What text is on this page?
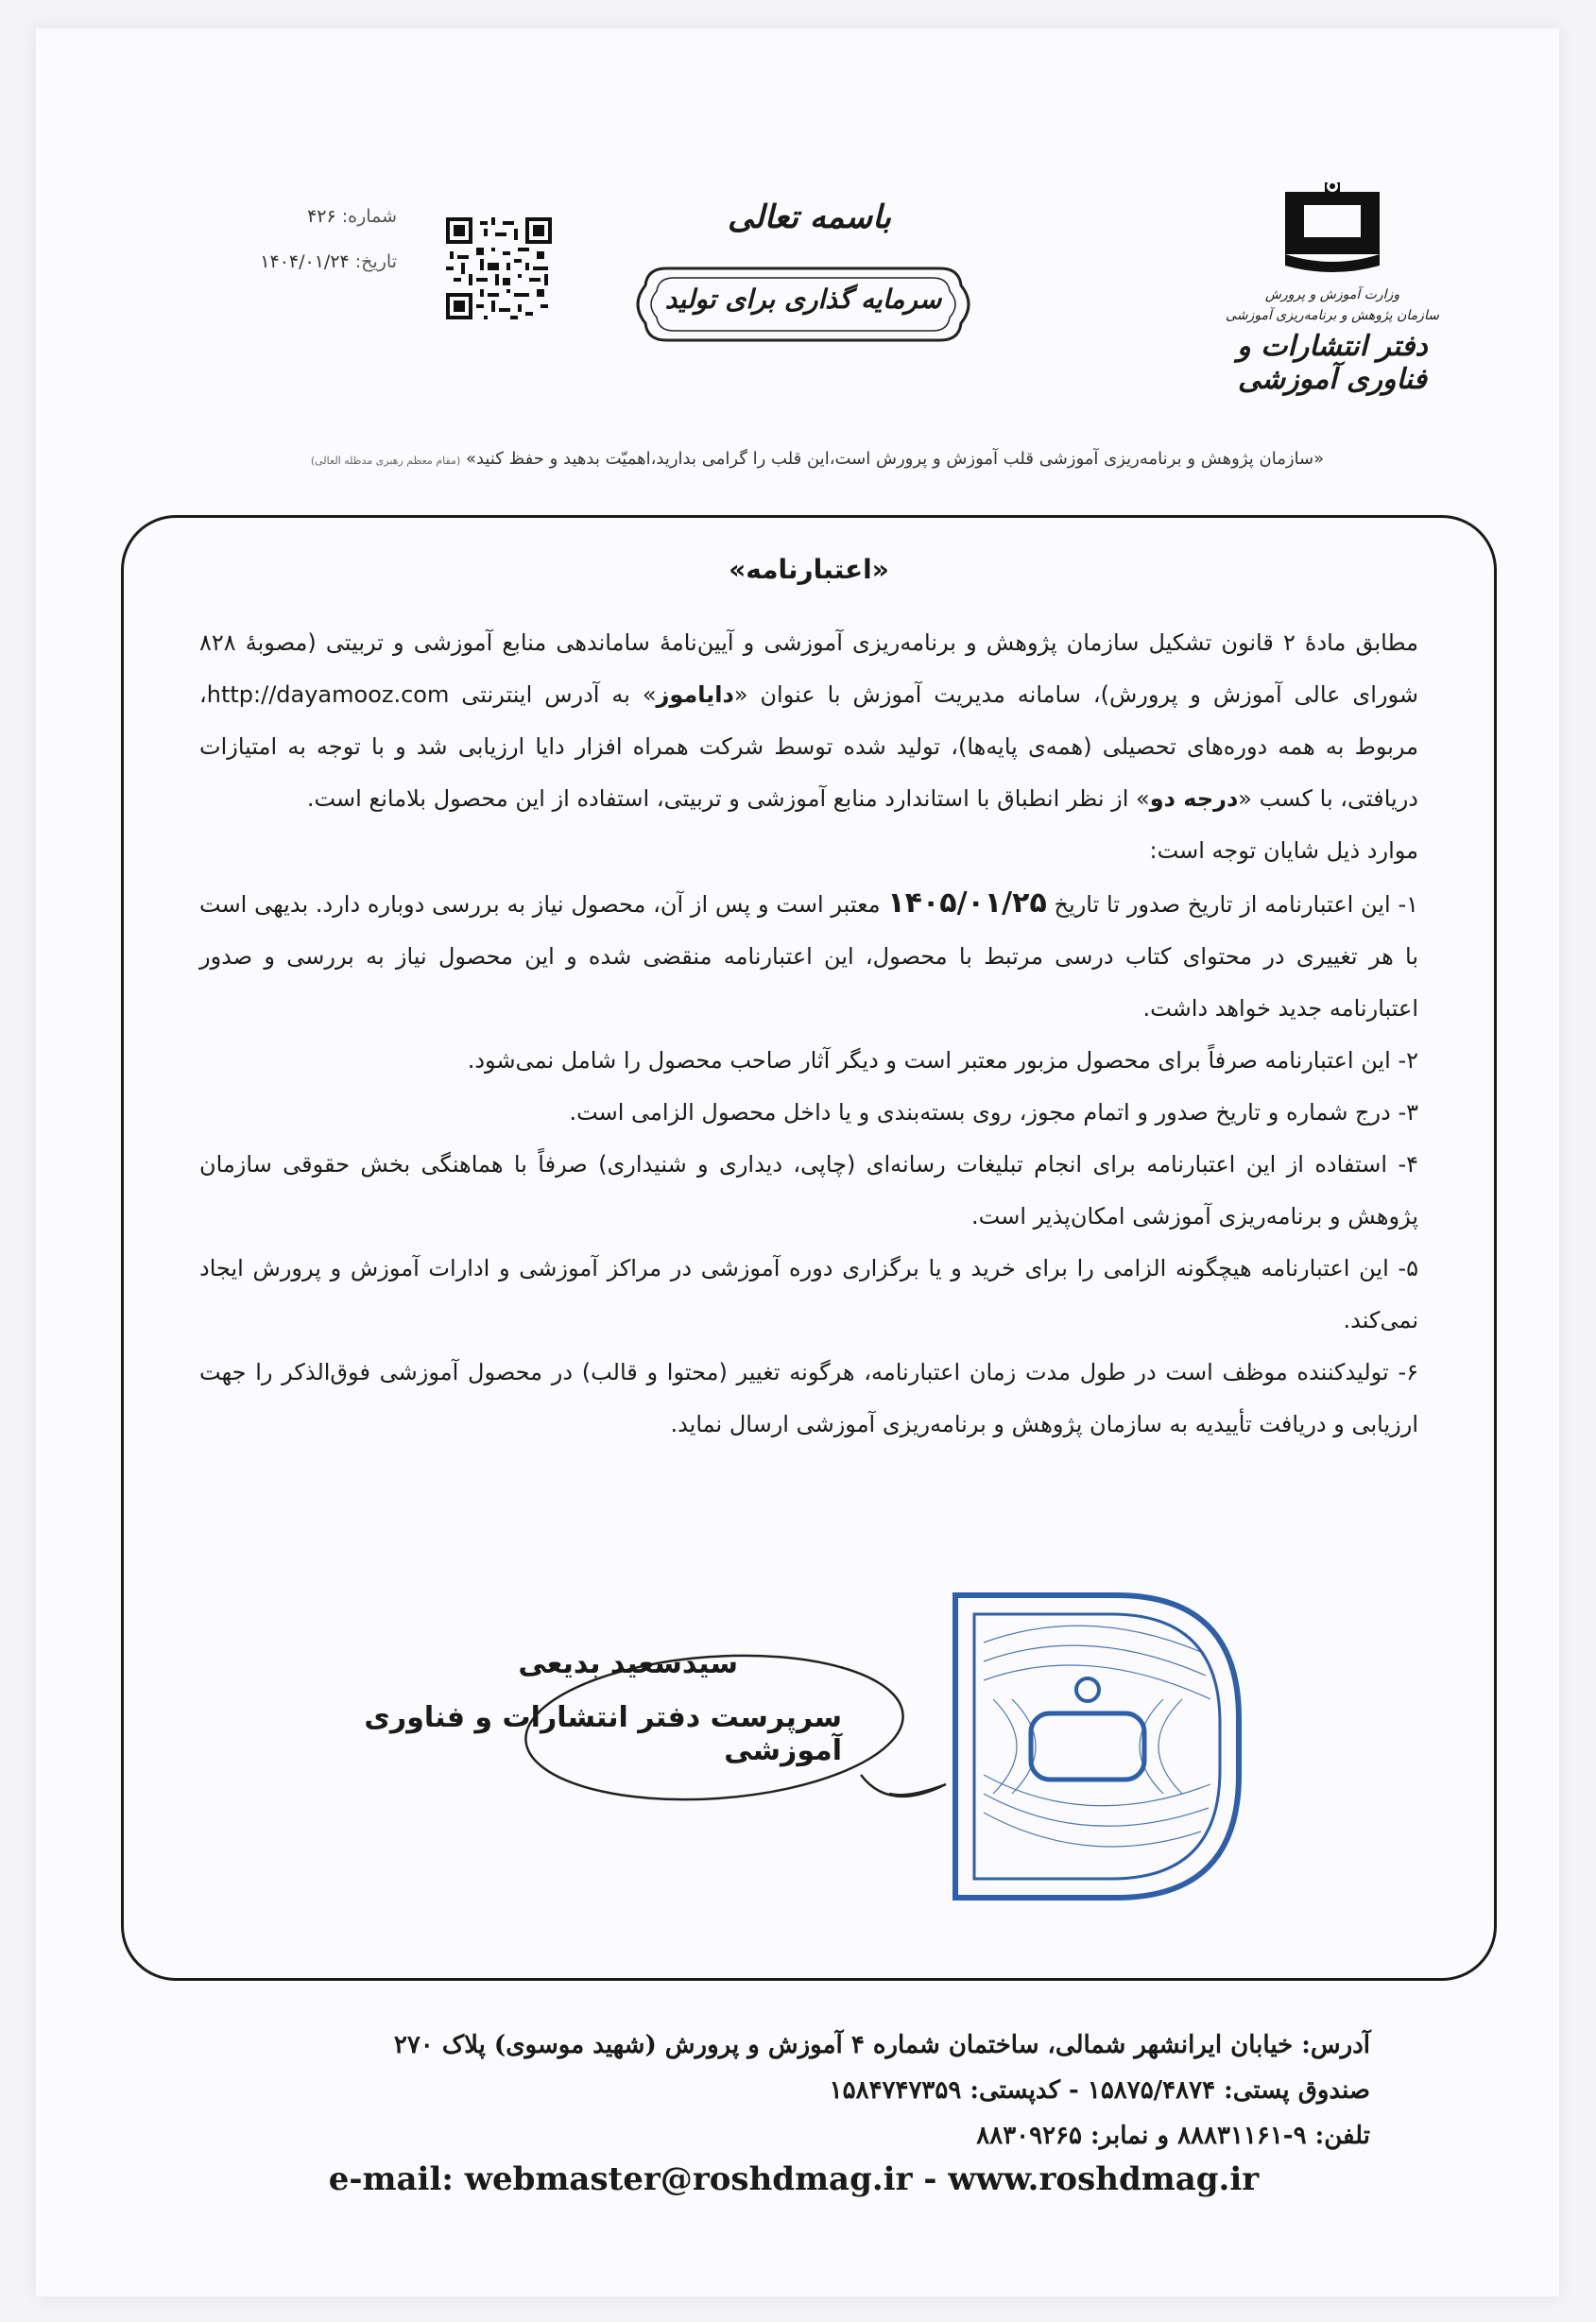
وزارت آموزش و پرورش
سازمان پژوهش و برنامه‌ریزی آموزشی
دفتر انتشارات و فناوری آموزشی
باسمه تعالی
سرمایه گذاری برای تولید
شماره: ۴۲۶
تاریخ: ۱۴۰۴/۰۱/۲۴
«سازمان پژوهش و برنامه‌ریزی آموزشی قلب آموزش و پرورش است،این قلب را گرامی بدارید،اهمیّت بدهید و حفظ کنید» (مقام معظم رهبری مدظله العالی)
«اعتبارنامه»

مطابق مادهٔ ۲ قانون تشکیل سازمان پژوهش و برنامه‌ریزی آموزشی و آیین‌نامهٔ ساماندهی منابع آموزشی و تربیتی (مصوبهٔ ۸۲۸ شورای عالی آموزش و پرورش)، سامانه مدیریت آموزش با عنوان «دایاموز» به آدرس اینترنتی http://dayamooz.com، مربوط به همه دوره‌های تحصیلی (همه‌ی پایه‌ها)، تولید شده توسط شرکت همراه افزار دایا ارزیابی شد و با توجه به امتیازات دریافتی، با کسب «درجه دو» از نظر انطباق با استاندارد منابع آموزشی و تربیتی، استفاده از این محصول بلامانع است.

موارد ذیل شایان توجه است:

۱- این اعتبارنامه از تاریخ صدور تا تاریخ ۱۴۰۵/۰۱/۲۵ معتبر است و پس از آن، محصول نیاز به بررسی دوباره دارد. بدیهی است با هر تغییری در محتوای کتاب درسی مرتبط با محصول، این اعتبارنامه منقضی شده و این محصول نیاز به بررسی و صدور اعتبارنامه جدید خواهد داشت.

۲- این اعتبارنامه صرفاً برای محصول مزبور معتبر است و دیگر آثار صاحب محصول را شامل نمی‌شود.

۳- درج شماره و تاریخ صدور و اتمام مجوز، روی بسته‌بندی و یا داخل محصول الزامی است.

۴- استفاده از این اعتبارنامه برای انجام تبلیغات رسانه‌ای (چاپی، دیداری و شنیداری) صرفاً با هماهنگی بخش حقوقی سازمان پژوهش و برنامه‌ریزی آموزشی امکان‌پذیر است.

۵- این اعتبارنامه هیچگونه الزامی را برای خرید و یا برگزاری دوره آموزشی در مراکز آموزشی و ادارات آموزش و پرورش ایجاد نمی‌کند.

۶- تولیدکننده موظف است در طول مدت زمان اعتبارنامه، هرگونه تغییر (محتوا و قالب) در محصول آموزشی فوق‌الذکر را جهت ارزیابی و دریافت تأییدیه به سازمان پژوهش و برنامه‌ریزی آموزشی ارسال نماید.

سیدسعید بدیعی
سرپرست دفتر انتشارات و فناوری آموزشی
آدرس: خیابان ایرانشهر شمالی، ساختمان شماره ۴ آموزش و پرورش (شهید موسوی) پلاک ۲۷۰
صندوق پستی: ۱۵۸۷۵/۴۸۷۴ - کدپستی: ۱۵۸۴۷۴۷۳۵۹
تلفن: ۹-۸۸۸۳۱۱۶۱ و نمابر: ۸۸۳۰۹۲۶۵
e-mail: webmaster@roshdmag.ir - www.roshdmag.ir
